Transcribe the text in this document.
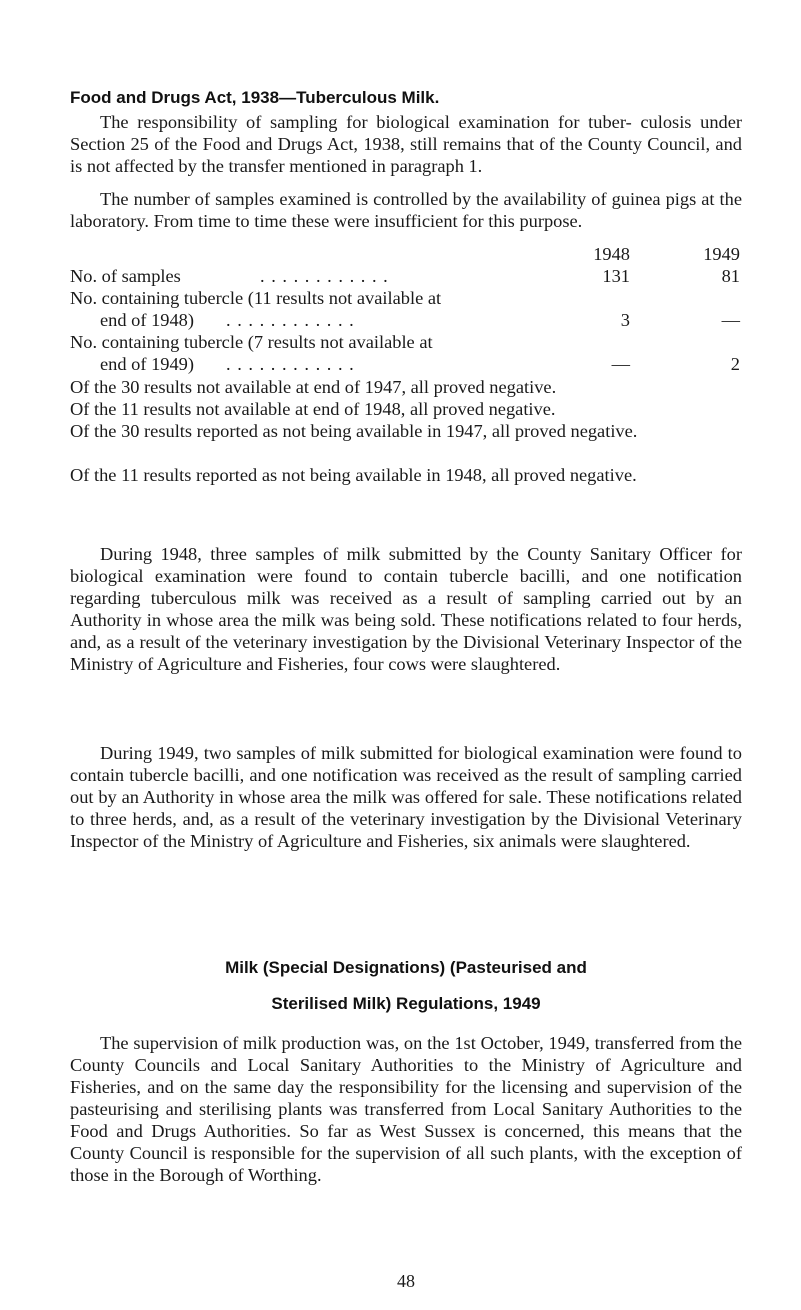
Food and Drugs Act, 1938—Tuberculous Milk.

The responsibility of sampling for biological examination for tuber- culosis under Section 25 of the Food and Drugs Act, 1938, still remains that of the County Council, and is not affected by the transfer mentioned in paragraph 1.

The number of samples examined is controlled by the availability of guinea pigs at the laboratory. From time to time these were insufficient for this purpose.

1948	1949
No. of samples	. . . . . . . . . . . .	131	81
No. containing tubercle (11 results not available at
end of 1948) . . . . . . . . . . . .	3	—
No. containing tubercle (7 results not available at
end of 1949) . . . . . . . . . . . .	—	2
Of the 30 results not available at end of 1947, all proved negative.
Of the 11 results not available at end of 1948, all proved negative.
Of the 30 results reported as not being available in 1947, all proved negative.
Of the 11 results reported as not being available in 1948, all proved negative.

During 1948, three samples of milk submitted by the County Sanitary Officer for biological examination were found to contain tubercle bacilli, and one notification regarding tuberculous milk was received as a result of sampling carried out by an Authority in whose area the milk was being sold. These notifications related to four herds, and, as a result of the veterinary investigation by the Divisional Veterinary Inspector of the Ministry of Agriculture and Fisheries, four cows were slaughtered.

During 1949, two samples of milk submitted for biological examination were found to contain tubercle bacilli, and one notification was received as the result of sampling carried out by an Authority in whose area the milk was offered for sale. These notifications related to three herds, and, as a result of the veterinary investigation by the Divisional Veterinary Inspector of the Ministry of Agriculture and Fisheries, six animals were slaughtered.

Milk (Special Designations) (Pasteurised and
Sterilised Milk) Regulations, 1949

The supervision of milk production was, on the 1st October, 1949, transferred from the County Councils and Local Sanitary Authorities to the Ministry of Agriculture and Fisheries, and on the same day the responsibility for the licensing and supervision of the pasteurising and sterilising plants was transferred from Local Sanitary Authorities to the Food and Drugs Authorities. So far as West Sussex is concerned, this means that the County Council is responsible for the supervision of all such plants, with the exception of those in the Borough of Worthing.

48
